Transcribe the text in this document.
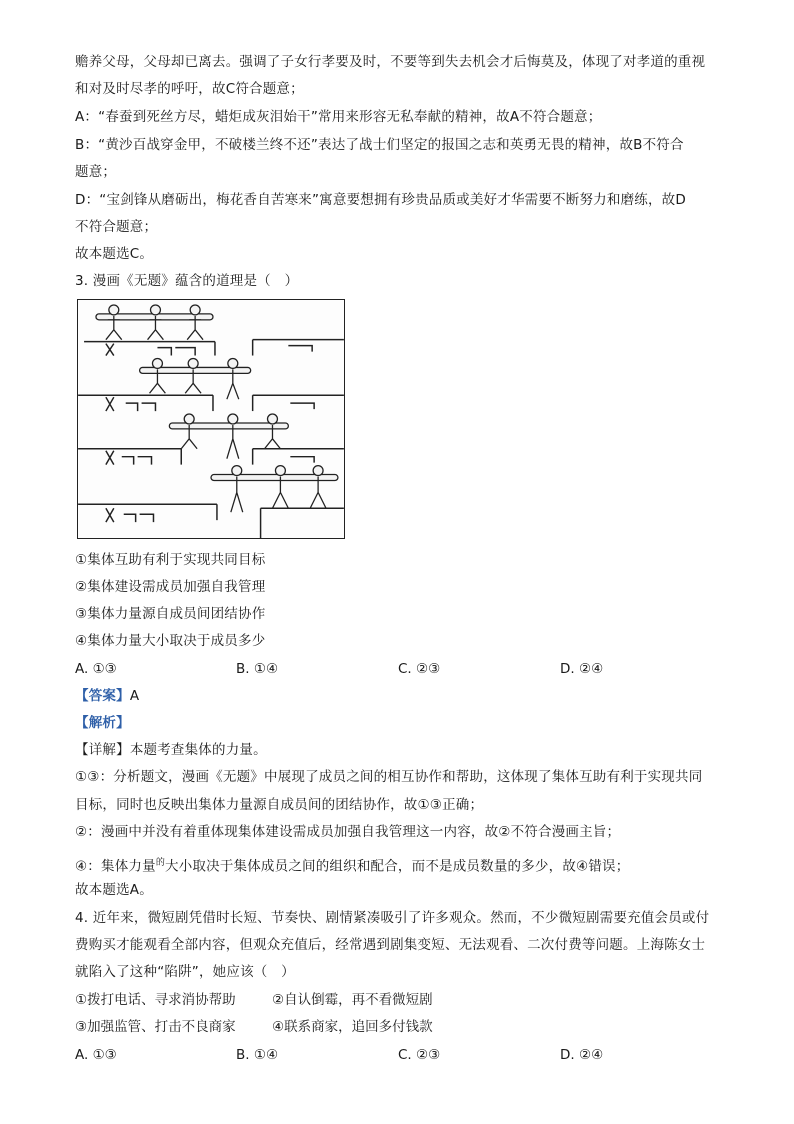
赡养父母，父母却已离去。强调了子女行孝要及时，不要等到失去机会才后悔莫及，体现了对孝道的重视
和对及时尽孝的呼吁，故C符合题意；
A：“春蚕到死丝方尽，蜡炬成灰泪始干”常用来形容无私奉献的精神，故A不符合题意；
B：“黄沙百战穿金甲，不破楼兰终不还”表达了战士们坚定的报国之志和英勇无畏的精神，故B不符合
题意；
D：“宝剑锋从磨砺出，梅花香自苦寒来”寓意要想拥有珍贵品质或美好才华需要不断努力和磨练，故D
不符合题意；
故本题选C。
3. 漫画《无题》蕴含的道理是（　）
①集体互助有利于实现共同目标
②集体建设需成员加强自我管理
③集体力量源自成员间团结协作
④集体力量大小取决于成员多少
A. ①③	B. ①④	C. ②③	D. ②④
【答案】A
【解析】
【详解】本题考查集体的力量。
①③：分析题文，漫画《无题》中展现了成员之间的相互协作和帮助，这体现了集体互助有利于实现共同
目标，同时也反映出集体力量源自成员间的团结协作，故①③正确；
②：漫画中并没有着重体现集体建设需成员加强自我管理这一内容，故②不符合漫画主旨；
④：集体力量$^的$大小取决于集体成员之间的组织和配合，而不是成员数量的多少，故④错误；
故本题选A。
4. 近年来，微短剧凭借时长短、节奏快、剧情紧凑吸引了许多观众。然而，不少微短剧需要充值会员或付
费购买才能观看全部内容，但观众充值后，经常遇到剧集变短、无法观看、二次付费等问题。上海陈女士
就陷入了这种“陷阱”，她应该（　）
①拨打电话、寻求消协帮助	②自认倒霉，再不看微短剧
③加强监管、打击不良商家	④联系商家，追回多付钱款
A. ①③	B. ①④	C. ②③	D. ②④
